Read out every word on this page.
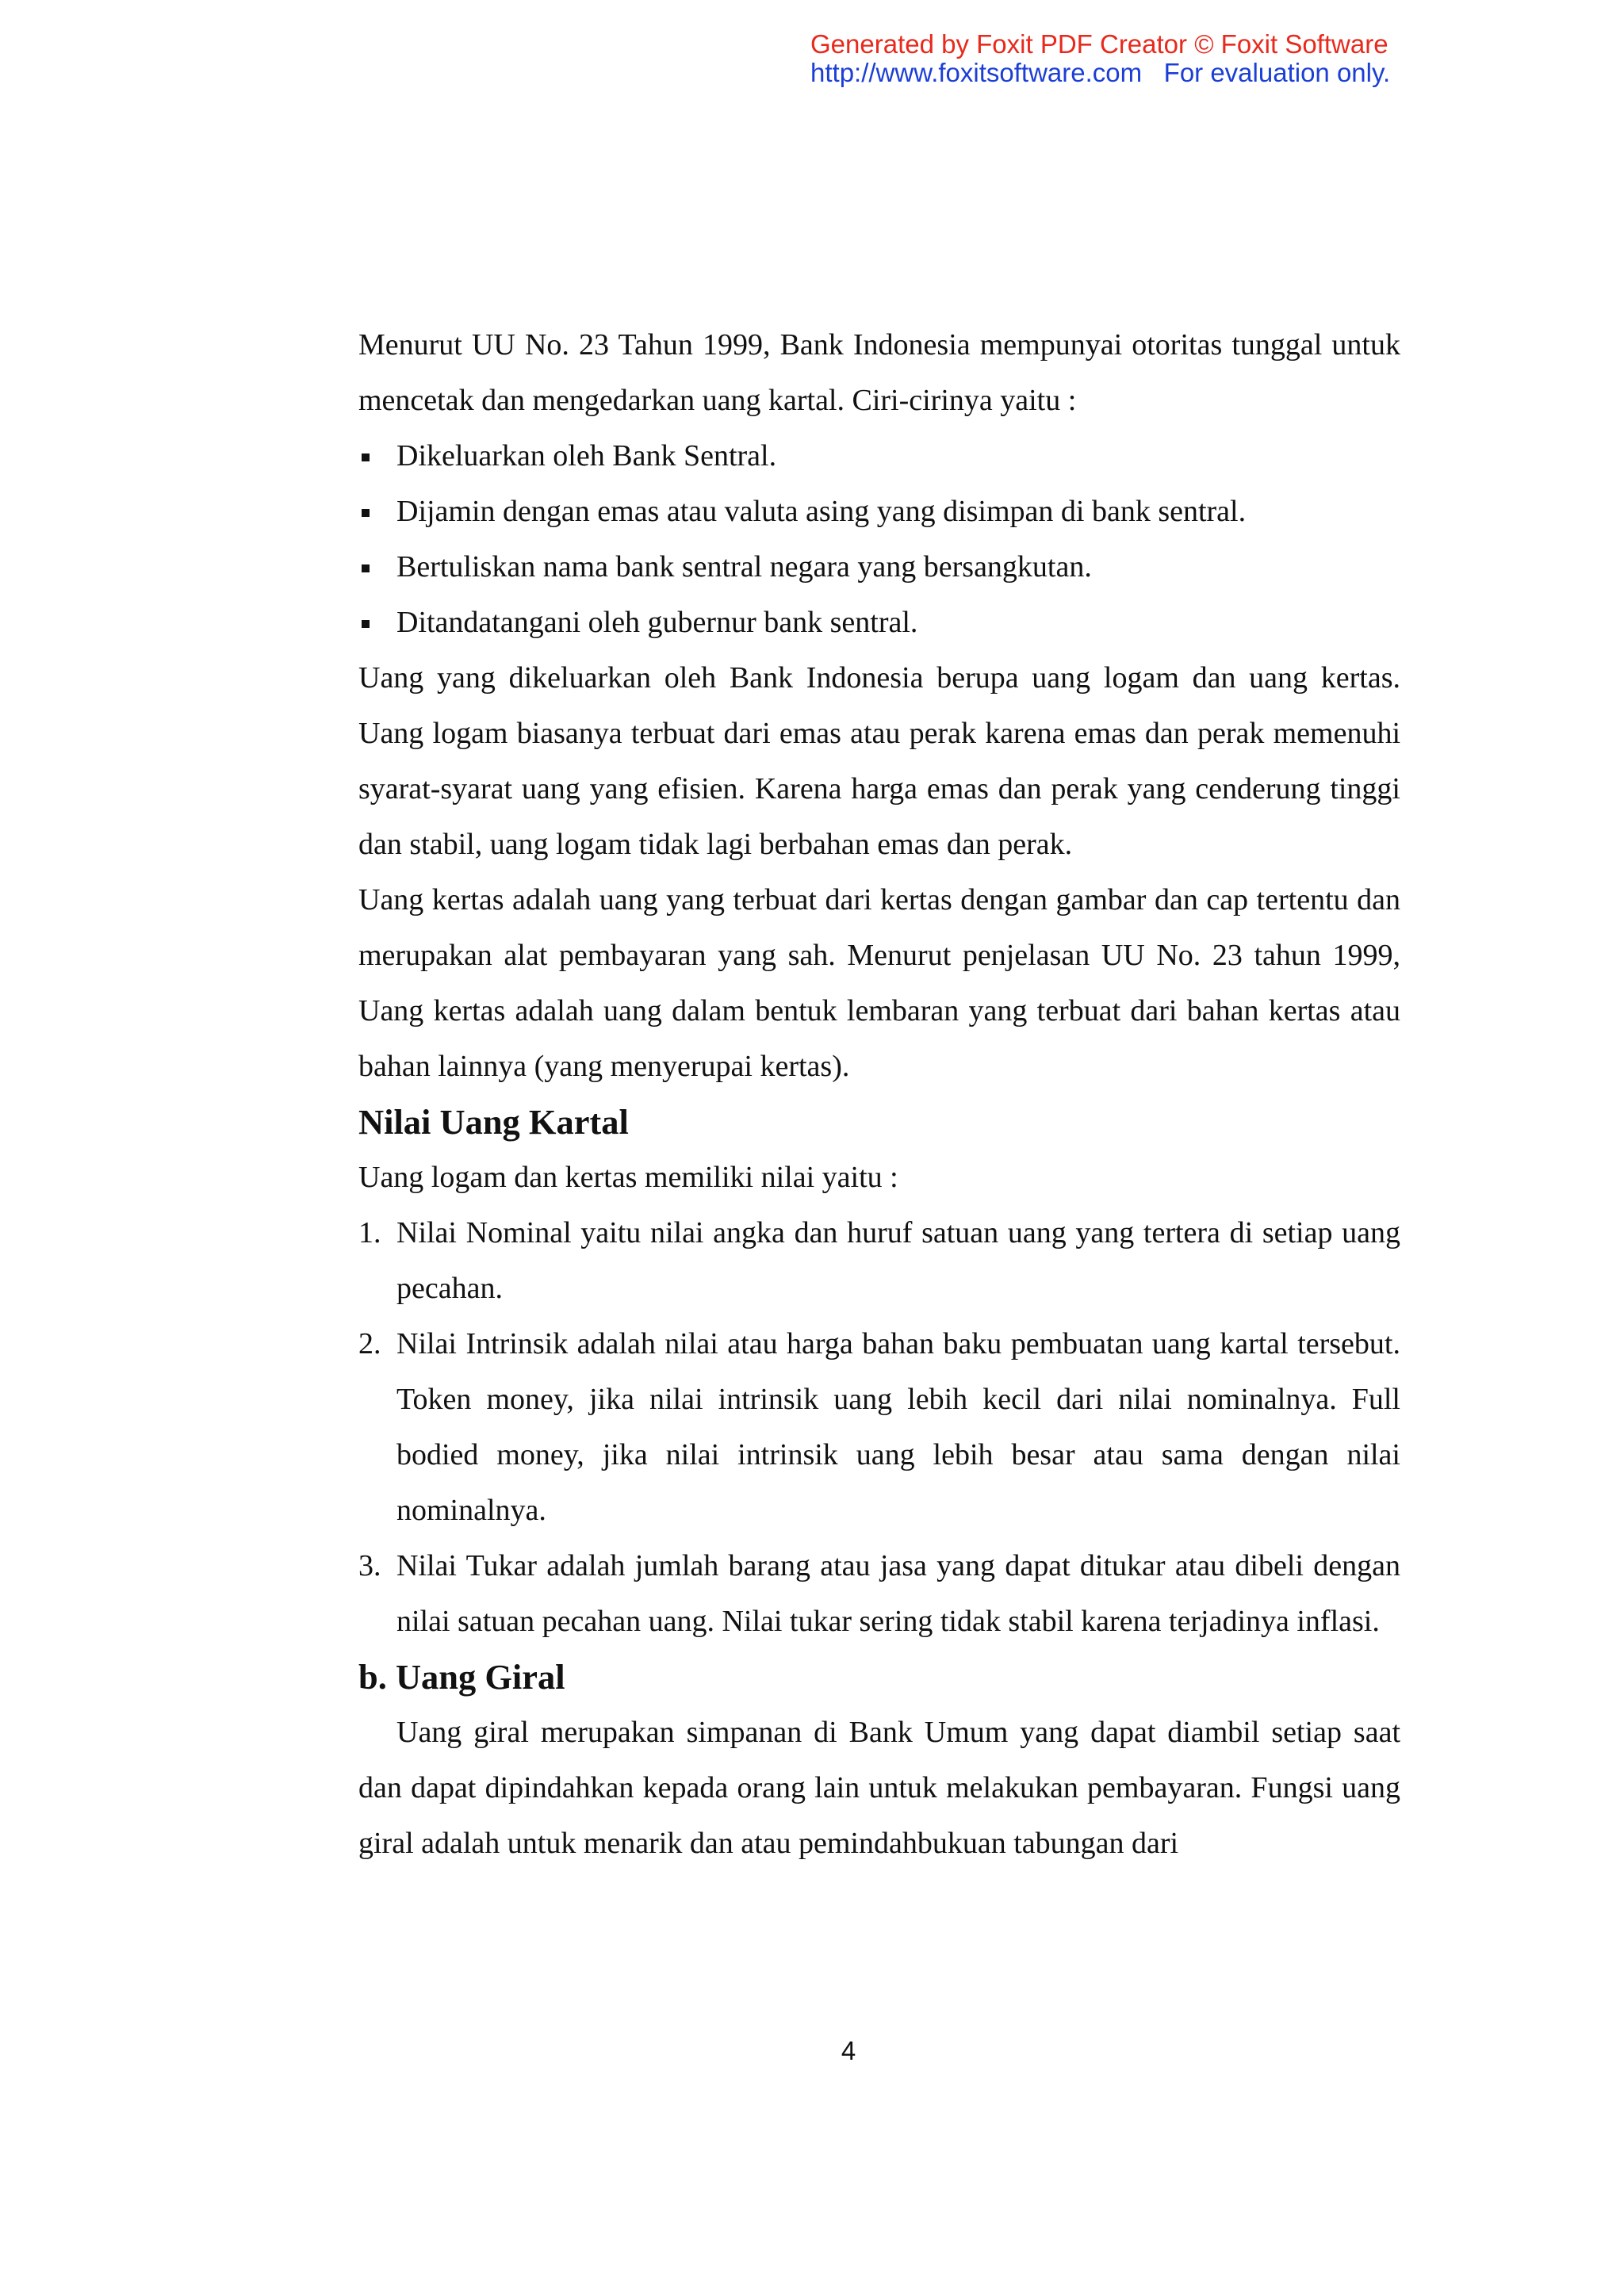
Generated by Foxit PDF Creator © Foxit Software
http://www.foxitsoftware.com For evaluation only.

Menurut UU No. 23 Tahun 1999, Bank Indonesia mempunyai otoritas tunggal untuk mencetak dan mengedarkan uang kartal. Ciri-cirinya yaitu :

Dikeluarkan oleh Bank Sentral.
Dijamin dengan emas atau valuta asing yang disimpan di bank sentral.
Bertuliskan nama bank sentral negara yang bersangkutan.
Ditandatangani oleh gubernur bank sentral.

Uang yang dikeluarkan oleh Bank Indonesia berupa uang logam dan uang kertas. Uang logam biasanya terbuat dari emas atau perak karena emas dan perak memenuhi syarat-syarat uang yang efisien. Karena harga emas dan perak yang cenderung tinggi dan stabil, uang logam tidak lagi berbahan emas dan perak.

Uang kertas adalah uang yang terbuat dari kertas dengan gambar dan cap tertentu dan merupakan alat pembayaran yang sah. Menurut penjelasan UU No. 23 tahun 1999, Uang kertas adalah uang dalam bentuk lembaran yang terbuat dari bahan kertas atau bahan lainnya (yang menyerupai kertas).

Nilai Uang Kartal

Uang logam dan kertas memiliki nilai yaitu :

1. Nilai Nominal yaitu nilai angka dan huruf satuan uang yang tertera di setiap uang pecahan.
2. Nilai Intrinsik adalah nilai atau harga bahan baku pembuatan uang kartal tersebut. Token money, jika nilai intrinsik uang lebih kecil dari nilai nominalnya. Full bodied money, jika nilai intrinsik uang lebih besar atau sama dengan nilai nominalnya.
3. Nilai Tukar adalah jumlah barang atau jasa yang dapat ditukar atau dibeli dengan nilai satuan pecahan uang. Nilai tukar sering tidak stabil karena terjadinya inflasi.
b. Uang Giral

Uang giral merupakan simpanan di Bank Umum yang dapat diambil setiap saat dan dapat dipindahkan kepada orang lain untuk melakukan pembayaran. Fungsi uang giral adalah untuk menarik dan atau pemindahbukuan tabungan dari

4
